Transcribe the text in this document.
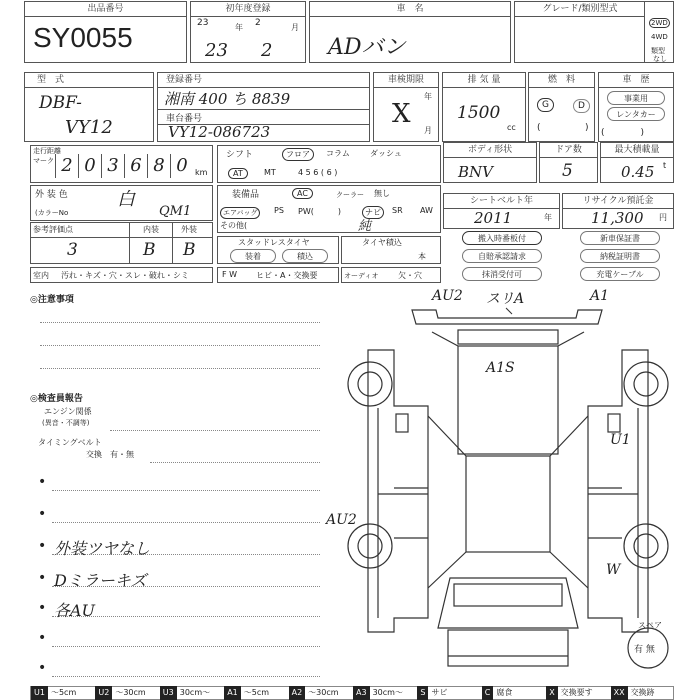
出品番号
SY0055
初年度登録
23	年 2	月
23 2
車　名
ADバン
グレード/類別型式
2WD
4WD
類型
なし
型　式
DBF-
VY12
登録番号
湘南 400 ち 8839
車台番号
VY12-086723
車検期限
年
月
X
排 気 量
1500
cc
燃　料
G	D
(	)
車　歴
事業用
レンタカー
(　　　　)
走行距離
マーク 2 0 3 6 8 0 km
シフト	フロア	コラム	ダッシュ
AT	MT	4 5 6 ( 6 )
ボディ形状
BNV
ドア数
5
最大積載量
0.45 t
外 装 色	白
(カラーNo	QM1
装備品	AC	クーラー 無し
エアバッグ	PS PW(　　　)	ナビ	SR AW
その他(	純
シートベルト年
2011	年
リサイクル預託金
11,300 円
参考評価点	内装	外装
3	B B	スタッドレスタイヤ
装着	積込
タイヤ積込
本
搬入時番板付	新車保証書
自賠承認請求	納税証明書
抹消受付可	充電ケーブル
室内 汚れ・キズ・穴・スレ・破れ・シミ	F W ヒビ・A・交換要	オーディオ 欠・穴
◎注意事項
◎検査員報告
エンジン関係
(異音・不調等)
タイミングベルト
交換　有・無
•
•
•
•
•
•
•
外装ツヤなし
Dミラーキズ
各AU
AU2 スリA	A1
A1S
U1
AU2
W
スペア
有 無
U1 ～5cm	U2 ～30cm	U3 30cm～	A1 ～5cm	A2 ～30cm	A3 30cm～	S サビ	C 腐食	X 交換要す	XX 交換跡
